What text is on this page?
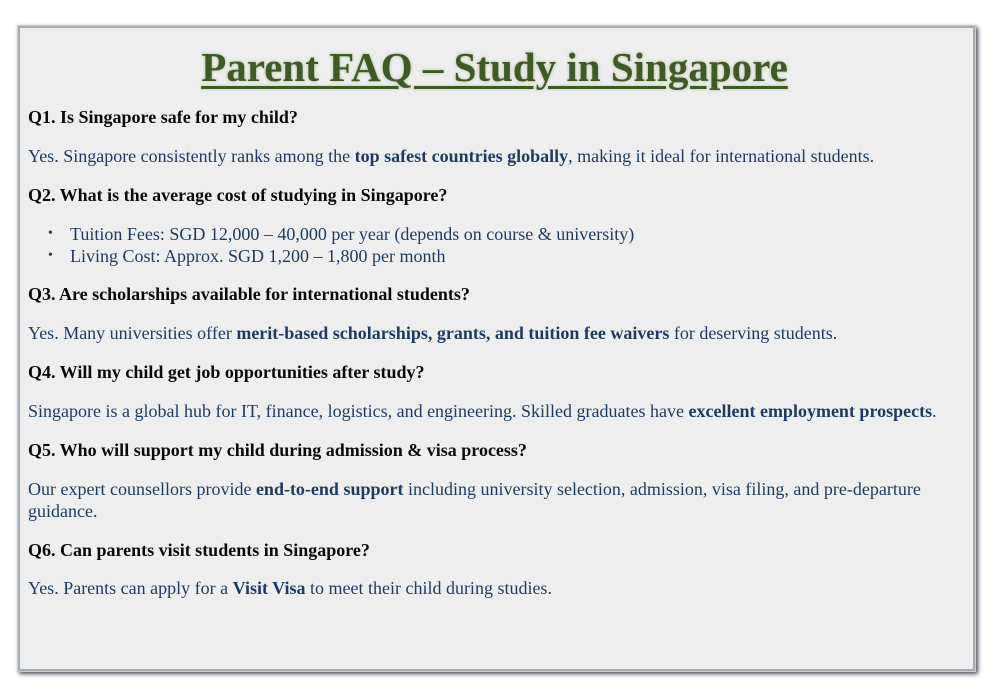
Parent FAQ – Study in Singapore

Q1. Is Singapore safe for my child?

Yes. Singapore consistently ranks among the top safest countries globally, making it ideal for international students.

Q2. What is the average cost of studying in Singapore?

• Tuition Fees: SGD 12,000 – 40,000 per year (depends on course & university)
• Living Cost: Approx. SGD 1,200 – 1,800 per month

Q3. Are scholarships available for international students?

Yes. Many universities offer merit-based scholarships, grants, and tuition fee waivers for deserving students.

Q4. Will my child get job opportunities after study?

Singapore is a global hub for IT, finance, logistics, and engineering. Skilled graduates have excellent employment prospects.

Q5. Who will support my child during admission & visa process?

Our expert counsellors provide end-to-end support including university selection, admission, visa filing, and pre-departure guidance.

Q6. Can parents visit students in Singapore?

Yes. Parents can apply for a Visit Visa to meet their child during studies.
